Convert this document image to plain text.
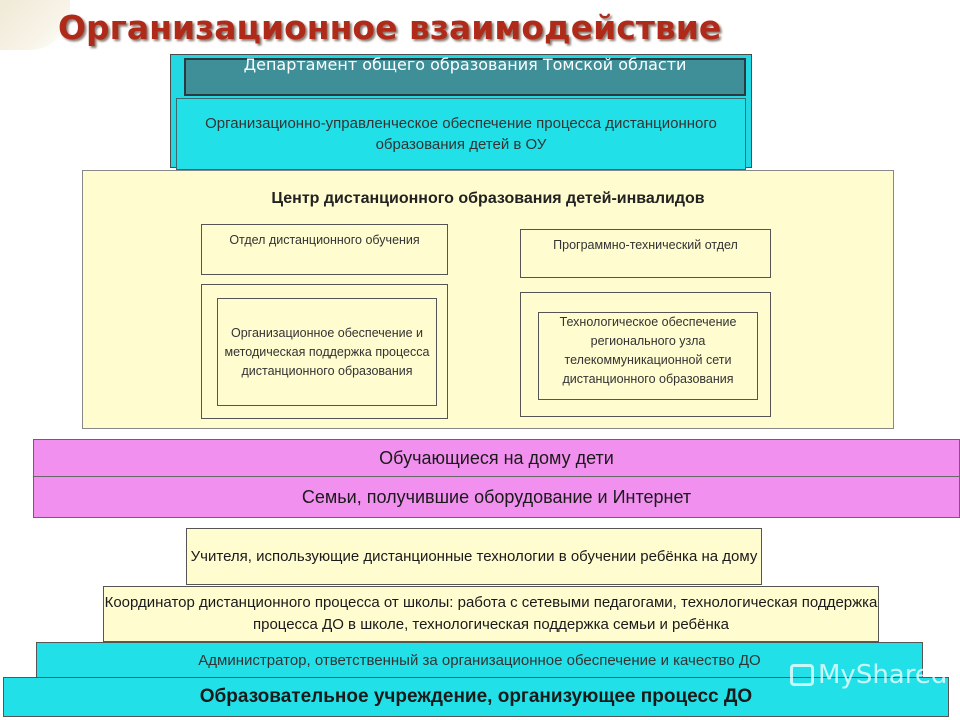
Организационное взаимодействие
Департамент общего образования Томской области
Организационно-управленческое обеспечение процесса дистанционного образования детей в ОУ
Центр дистанционного образования детей-инвалидов
Отдел дистанционного обучения	Программно-технический отдел
Организационное обеспечение и методическая поддержка процесса дистанционного образования
Технологическое обеспечение регионального узла телекоммуникационной сети дистанционного образования
Обучающиеся на дому дети
Семьи, получившие оборудование и Интернет
Учителя, использующие дистанционные технологии в обучении ребёнка на дому
Координатор дистанционного процесса от школы: работа с сетевыми педагогами, технологическая поддержка процесса ДО в школе, технологическая поддержка семьи и ребёнка
Администратор, ответственный за организационное обеспечение и качество ДО
Образовательное учреждение, организующее процесс ДО
MyShared
